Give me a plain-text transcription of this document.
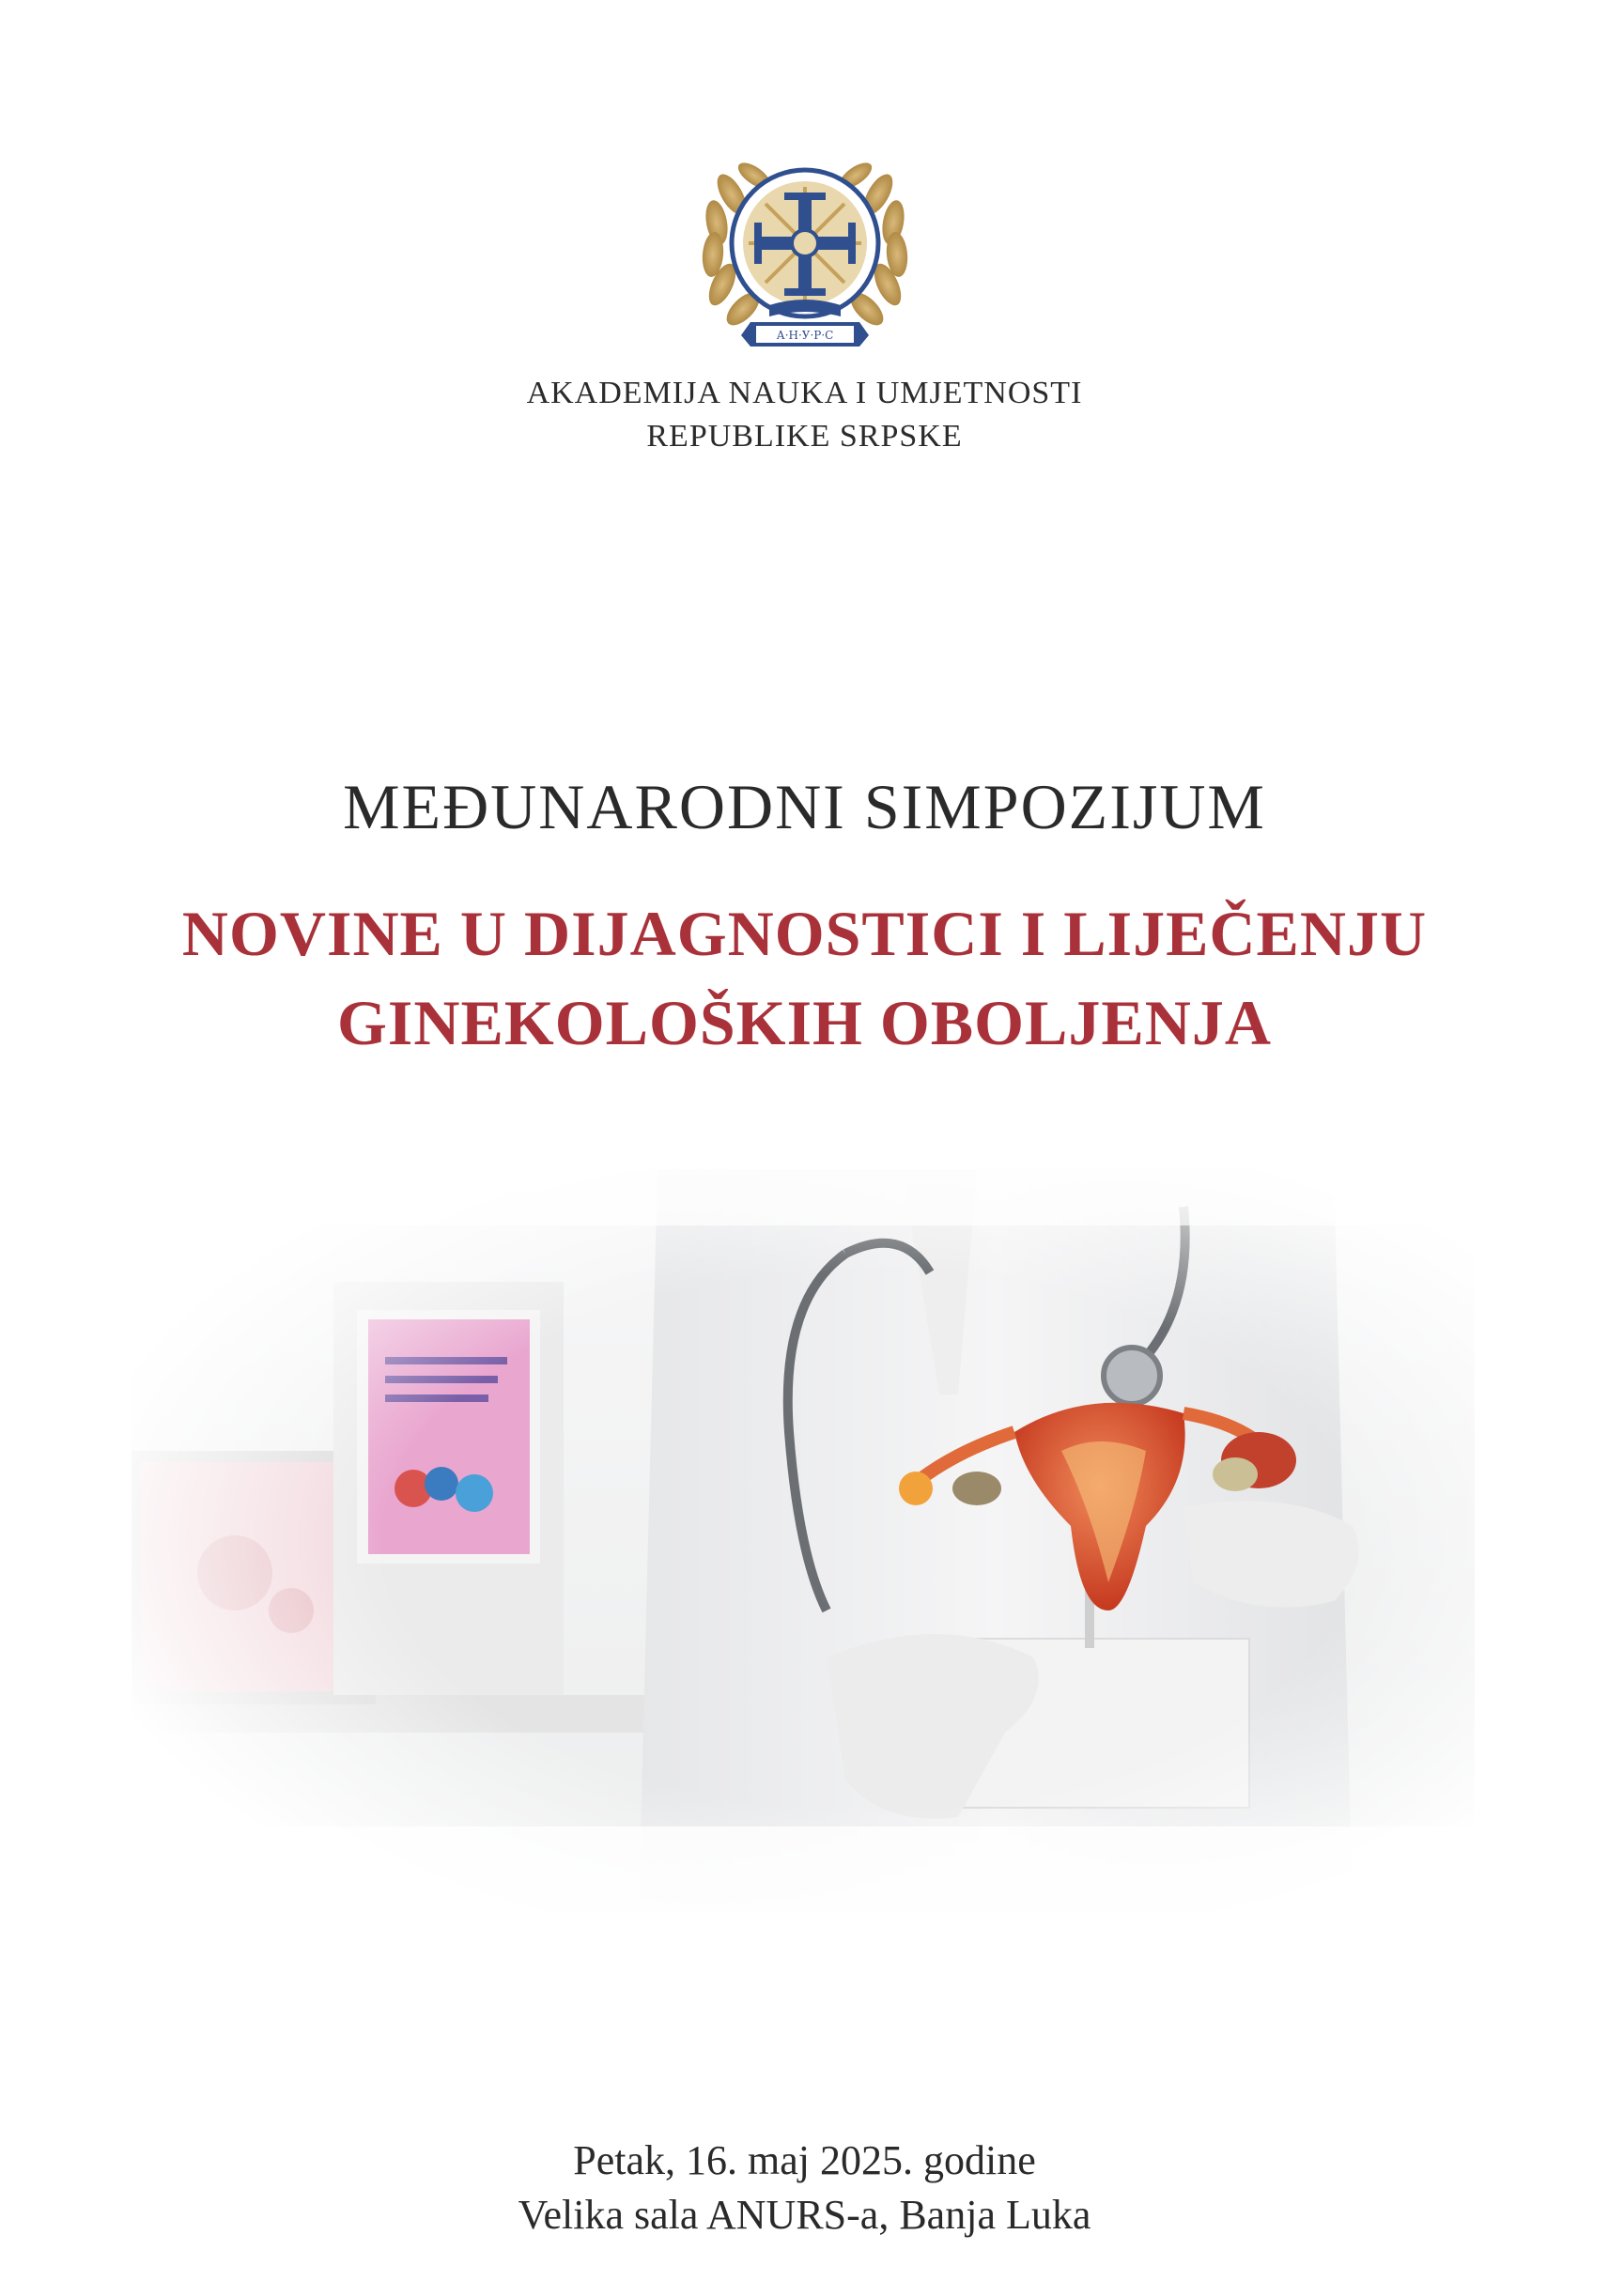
А·Н·У·Р·С
AKADEMIJA NAUKA I UMJETNOSTI
REPUBLIKE SRPSKE
MEĐUNARODNI SIMPOZIJUM
NOVINE U DIJAGNOSTICI I LIJEČENJU
GINEKOLOŠKIH OBOLJENJA
Petak, 16. maj 2025. godine
Velika sala ANURS-a, Banja Luka
